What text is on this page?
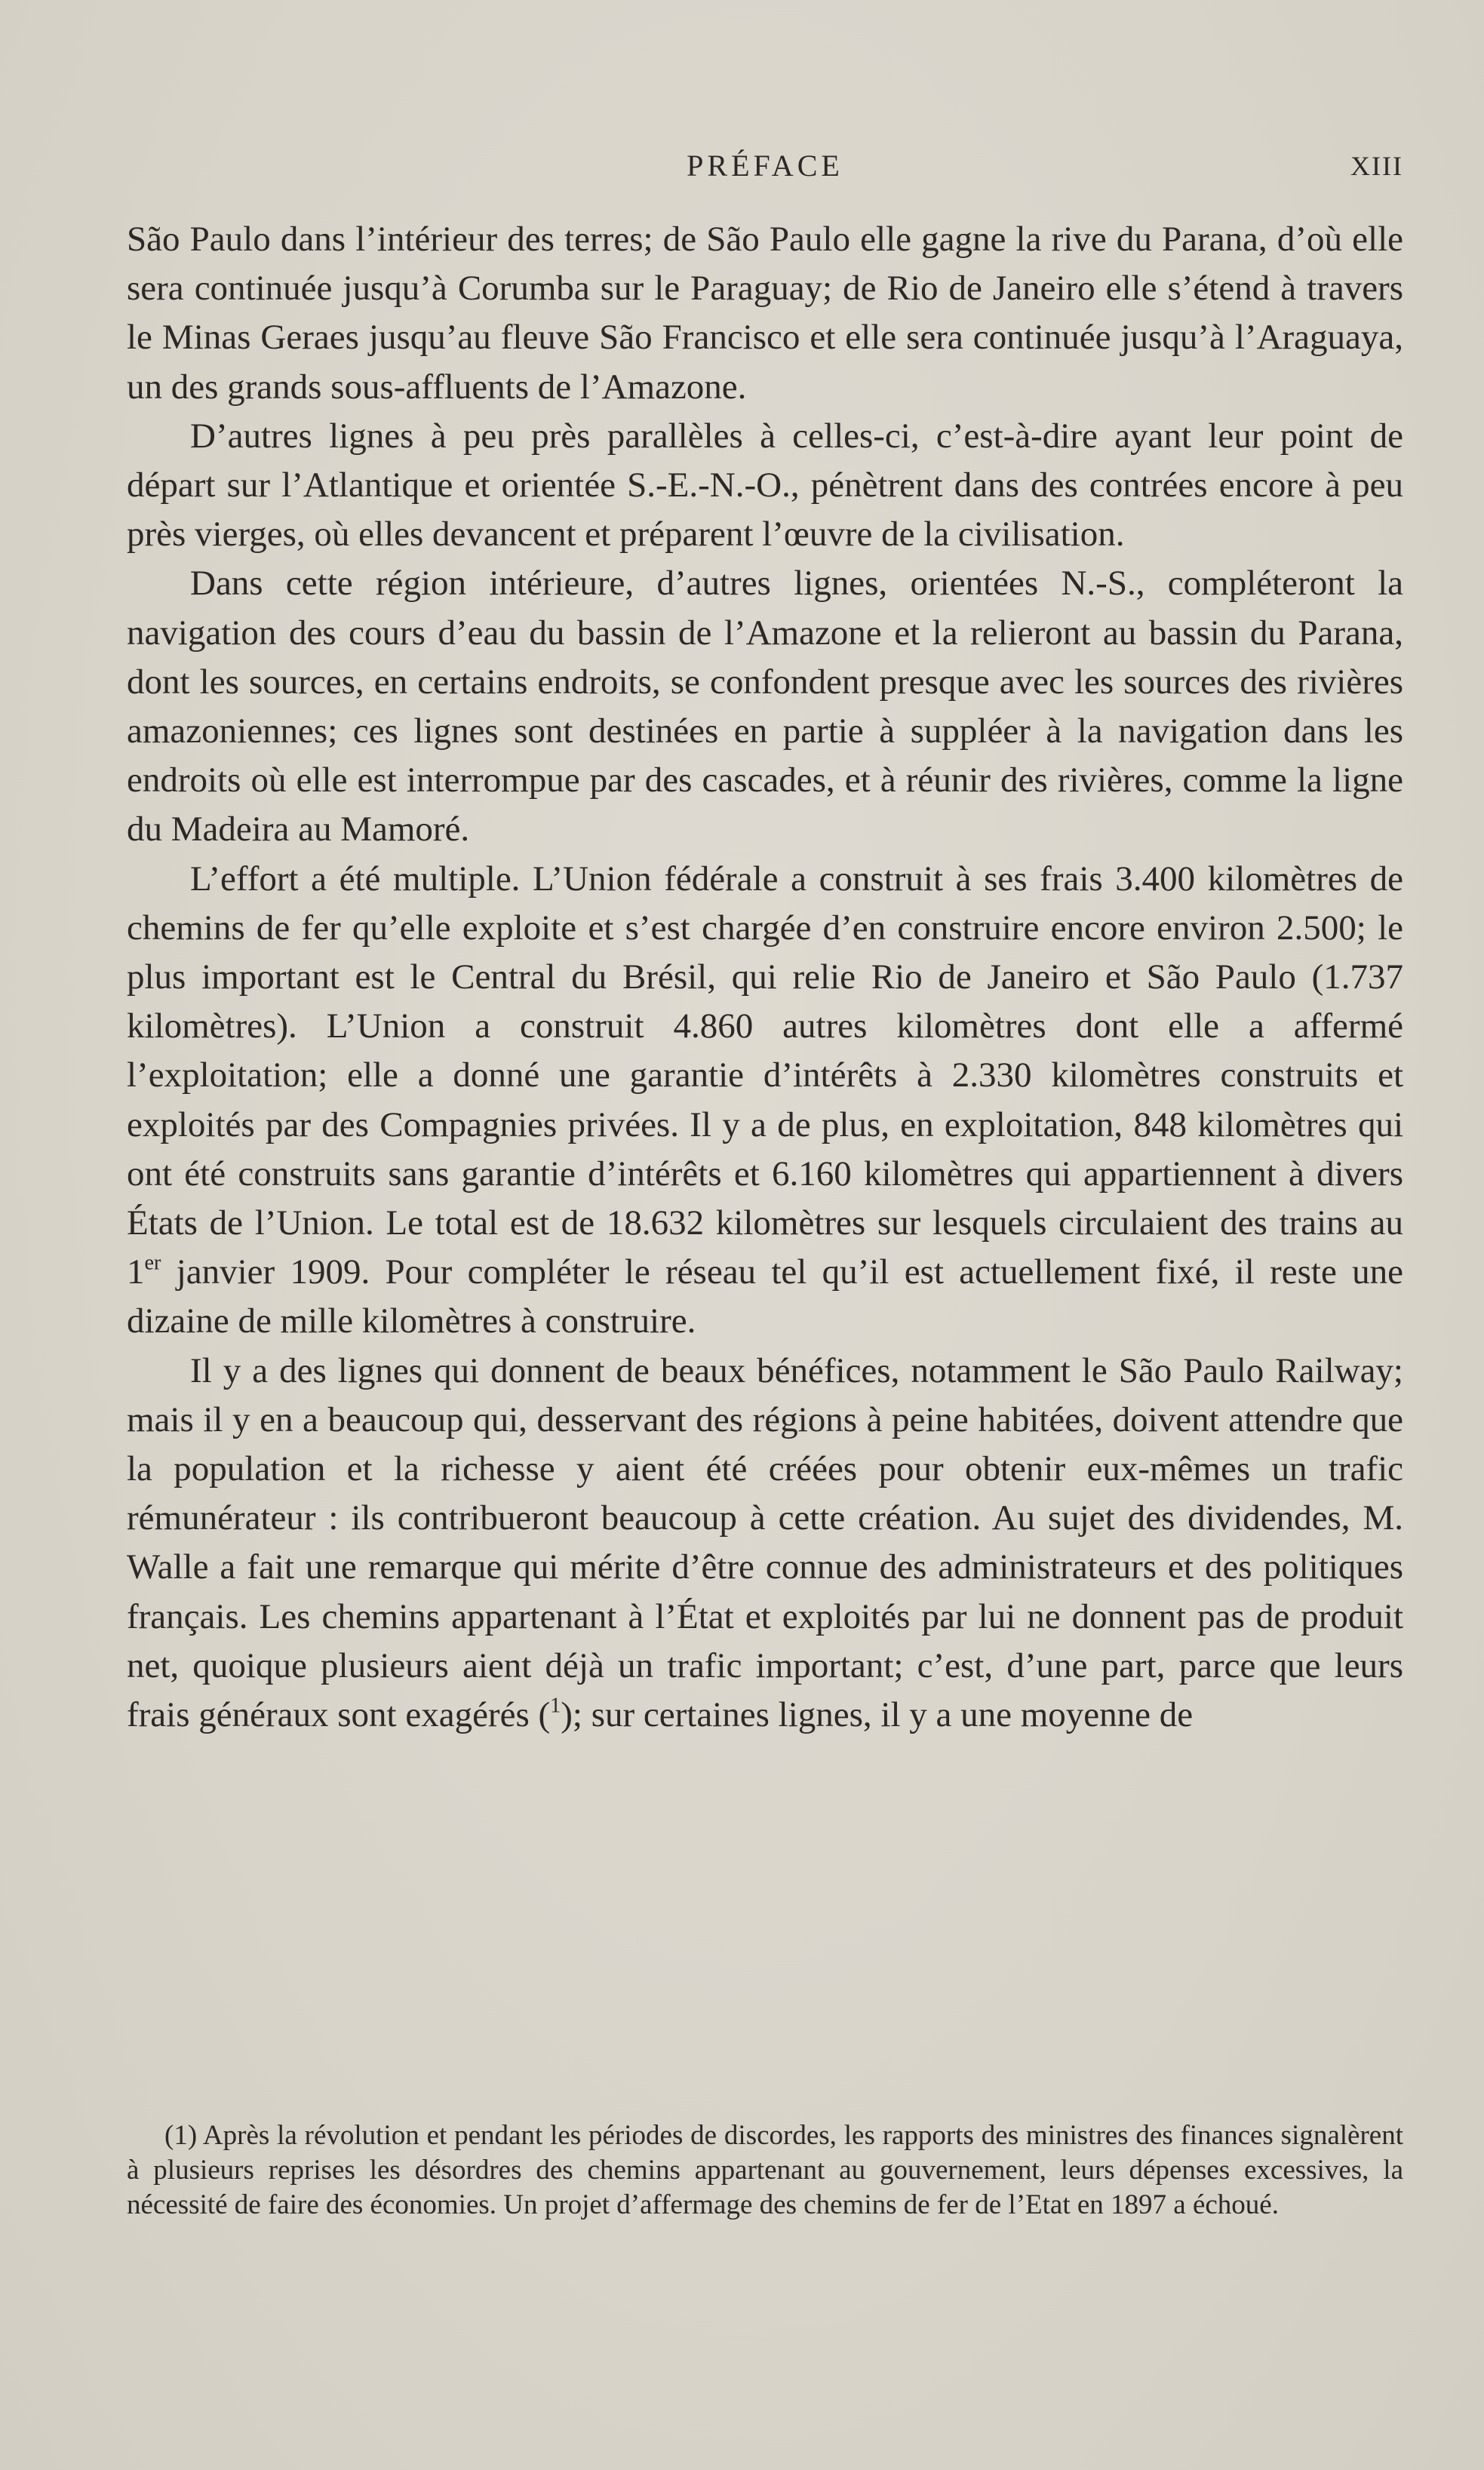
PRÉFACE	XIII

São Paulo dans l’intérieur des terres; de São Paulo elle gagne la rive du Parana, d’où elle sera continuée jusqu’à Corumba sur le Paraguay; de Rio de Janeiro elle s’étend à travers le Minas Geraes jusqu’au fleuve São Francisco et elle sera continuée jusqu’à l’Araguaya, un des grands sous-affluents de l’Amazone.

D’autres lignes à peu près parallèles à celles-ci, c’est-à-dire ayant leur point de départ sur l’Atlantique et orientée S.-E.-N.-O., pénètrent dans des contrées encore à peu près vierges, où elles devancent et préparent l’œuvre de la civilisation.

Dans cette région intérieure, d’autres lignes, orientées N.-S., compléteront la navigation des cours d’eau du bassin de l’Amazone et la relieront au bassin du Parana, dont les sources, en certains endroits, se confondent presque avec les sources des rivières amazoniennes; ces lignes sont destinées en partie à suppléer à la navigation dans les endroits où elle est interrompue par des cascades, et à réunir des rivières, comme la ligne du Madeira au Mamoré.

L’effort a été multiple. L’Union fédérale a construit à ses frais 3.400 kilomètres de chemins de fer qu’elle exploite et s’est chargée d’en construire encore environ 2.500; le plus important est le Central du Brésil, qui relie Rio de Janeiro et São Paulo (1.737 kilomètres). L’Union a construit 4.860 autres kilomètres dont elle a affermé l’exploitation; elle a donné une garantie d’intérêts à 2.330 kilomètres construits et exploités par des Compagnies privées. Il y a de plus, en exploitation, 848 kilomètres qui ont été construits sans garantie d’intérêts et 6.160 kilomètres qui appartiennent à divers États de l’Union. Le total est de 18.632 kilomètres sur lesquels circulaient des trains au 1er janvier 1909. Pour compléter le réseau tel qu’il est actuellement fixé, il reste une dizaine de mille kilomètres à construire.

Il y a des lignes qui donnent de beaux bénéfices, notamment le São Paulo Railway; mais il y en a beaucoup qui, desservant des régions à peine habitées, doivent attendre que la population et la richesse y aient été créées pour obtenir eux-mêmes un trafic rémunérateur : ils contribueront beaucoup à cette création. Au sujet des dividendes, M. Walle a fait une remarque qui mérite d’être connue des administrateurs et des politiques français. Les chemins appartenant à l’État et exploités par lui ne donnent pas de produit net, quoique plusieurs aient déjà un trafic important; c’est, d’une part, parce que leurs frais généraux sont exagérés ($^1$); sur certaines lignes, il y a une moyenne de

(1) Après la révolution et pendant les périodes de discordes, les rapports des ministres des finances signalèrent à plusieurs reprises les désordres des chemins appartenant au gouvernement, leurs dépenses excessives, la nécessité de faire des économies. Un projet d’affermage des chemins de fer de l’Etat en 1897 a échoué.
